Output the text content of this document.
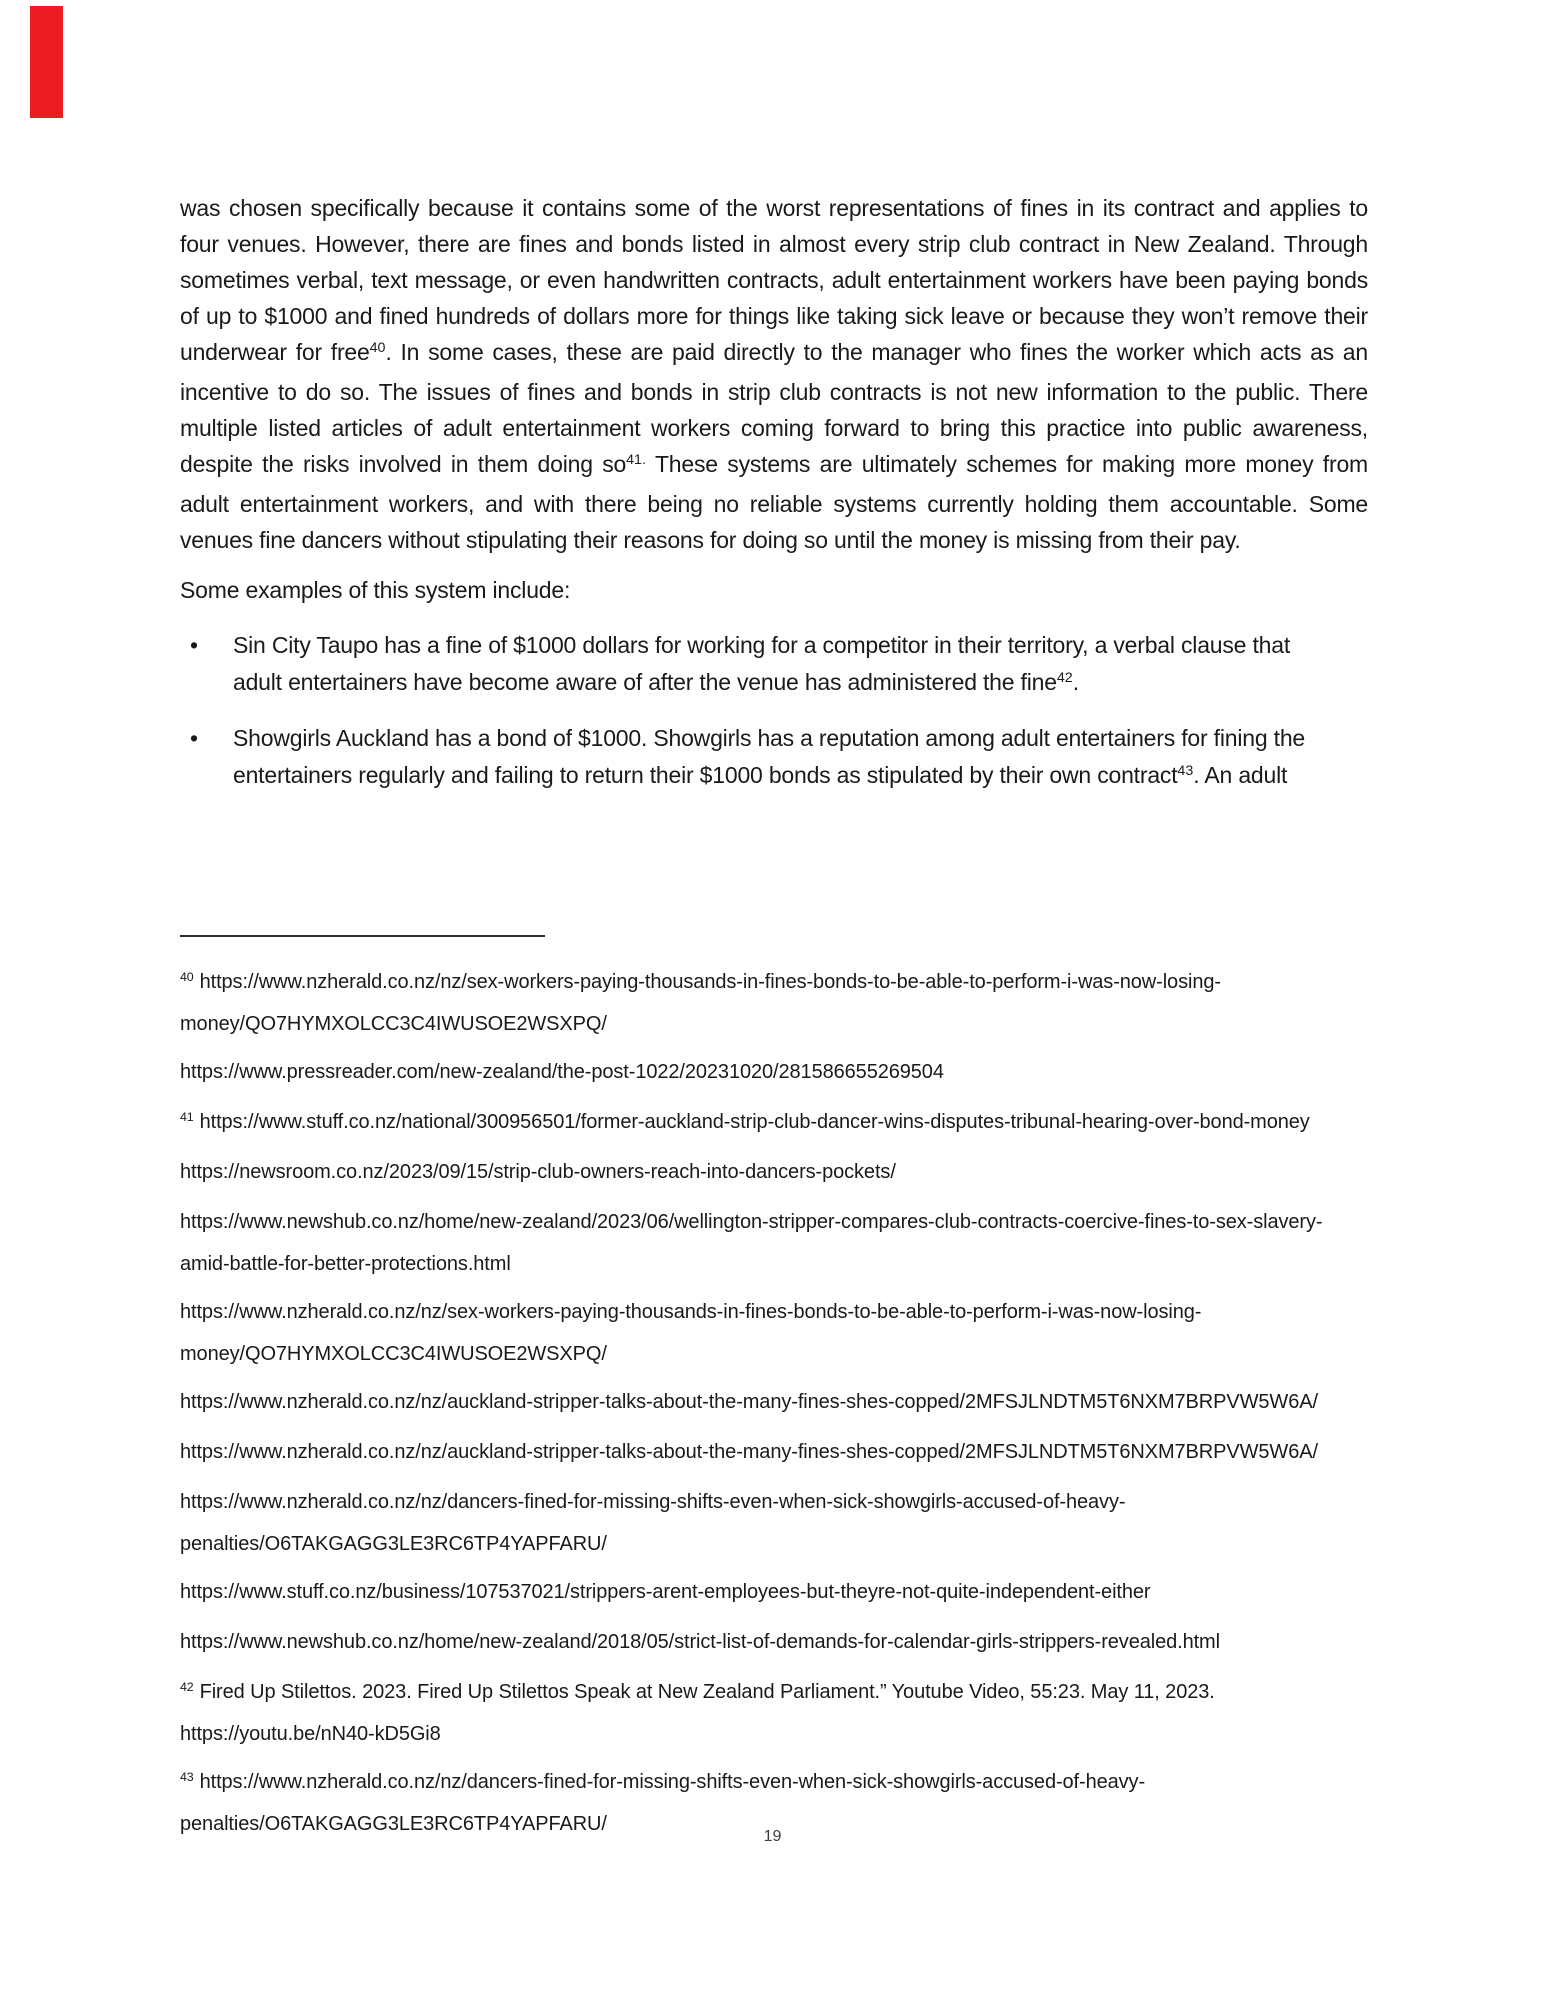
was chosen specifically because it contains some of the worst representations of fines in its contract and applies to four venues. However, there are fines and bonds listed in almost every strip club contract in New Zealand. Through sometimes verbal, text message, or even handwritten contracts, adult entertainment workers have been paying bonds of up to $1000 and fined hundreds of dollars more for things like taking sick leave or because they won’t remove their underwear for free$^{40}$. In some cases, these are paid directly to the manager who fines the worker which acts as an incentive to do so. The issues of fines and bonds in strip club contracts is not new information to the public. There multiple listed articles of adult entertainment workers coming forward to bring this practice into public awareness, despite the risks involved in them doing $so^{41.}$ These systems are ultimately schemes for making more money from adult entertainment workers, and with there being no reliable systems currently holding them accountable. Some venues fine dancers without stipulating their reasons for doing so until the money is missing from their pay.

Some examples of this system include:

• Sin City Taupo has a fine of $1000 dollars for working for a competitor in their territory, a verbal clause that adult entertainers have become aware of after the venue has administered the fine$^{42}$.
• Showgirls Auckland has a bond of $1000. Showgirls has a reputation among adult entertainers for fining the entertainers regularly and failing to return their $1000 bonds as stipulated by their own contract$^{43}$. An adult

$^{40}$ https://www.nzherald.co.nz/nz/sex-workers-paying-thousands-in-fines-bonds-to-be-able-to-perform-i-was-now-losing-money/QO7HYMXOLCC3C4IWUSOE2WSXPQ/

https://www.pressreader.com/new-zealand/the-post-1022/20231020/281586655269504

$^{41}$ https://www.stuff.co.nz/national/300956501/former-auckland-strip-club-dancer-wins-disputes-tribunal-hearing-over-bond-money

https://newsroom.co.nz/2023/09/15/strip-club-owners-reach-into-dancers-pockets/

https://www.newshub.co.nz/home/new-zealand/2023/06/wellington-stripper-compares-club-contracts-coercive-fines-to-sex-slavery-amid-battle-for-better-protections.html

https://www.nzherald.co.nz/nz/sex-workers-paying-thousands-in-fines-bonds-to-be-able-to-perform-i-was-now-losing-money/QO7HYMXOLCC3C4IWUSOE2WSXPQ/

https://www.nzherald.co.nz/nz/auckland-stripper-talks-about-the-many-fines-shes-copped/2MFSJLNDTM5T6NXM7BRPVW5W6A/

https://www.nzherald.co.nz/nz/auckland-stripper-talks-about-the-many-fines-shes-copped/2MFSJLNDTM5T6NXM7BRPVW5W6A/

https://www.nzherald.co.nz/nz/dancers-fined-for-missing-shifts-even-when-sick-showgirls-accused-of-heavy-penalties/O6TAKGAGG3LE3RC6TP4YAPFARU/

https://www.stuff.co.nz/business/107537021/strippers-arent-employees-but-theyre-not-quite-independent-either

https://www.newshub.co.nz/home/new-zealand/2018/05/strict-list-of-demands-for-calendar-girls-strippers-revealed.html

$^{42}$ Fired Up Stilettos. 2023. Fired Up Stilettos Speak at New Zealand Parliament.” Youtube Video, 55:23. May 11, 2023. https://youtu.be/nN40-kD5Gi8

$^{43}$ https://www.nzherald.co.nz/nz/dancers-fined-for-missing-shifts-even-when-sick-showgirls-accused-of-heavy-penalties/O6TAKGAGG3LE3RC6TP4YAPFARU/

19
